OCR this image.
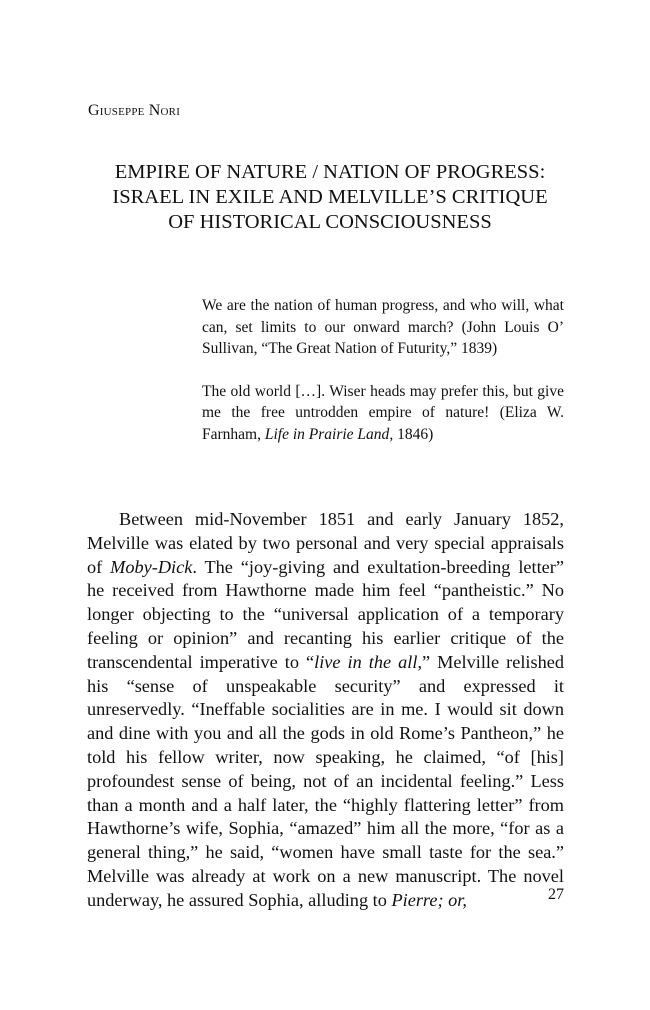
Giuseppe Nori
EMPIRE OF NATURE / NATION OF PROGRESS:
ISRAEL IN EXILE AND MELVILLE’S CRITIQUE
OF HISTORICAL CONSCIOUSNESS

We are the nation of human progress, and who will, what can, set limits to our onward march? (John Louis O’ Sullivan, “The Great Nation of Futurity,” 1839)

The old world […]. Wiser heads may prefer this, but give me the free untrodden empire of nature! (Eliza W. Farnham, Life in Prairie Land, 1846)

Between mid-November 1851 and early January 1852, Melville was elated by two personal and very special appraisals of Moby-Dick. The “joy-giving and exultation-breeding letter” he received from Hawthorne made him feel “pantheistic.” No longer objecting to the “universal application of a temporary feeling or opinion” and recanting his earlier critique of the transcendental imperative to “live in the all,” Melville relished his “sense of unspeakable security” and expressed it unreservedly. “Ineffable socialities are in me. I would sit down and dine with you and all the gods in old Rome’s Pantheon,” he told his fellow writer, now speaking, he claimed, “of [his] profoundest sense of being, not of an incidental feeling.” Less than a month and a half later, the “highly flattering letter” from Hawthorne’s wife, Sophia, “amazed” him all the more, “for as a general thing,” he said, “women have small taste for the sea.” Melville was already at work on a new manuscript. The novel underway, he assured Sophia, alluding to Pierre; or,	27
